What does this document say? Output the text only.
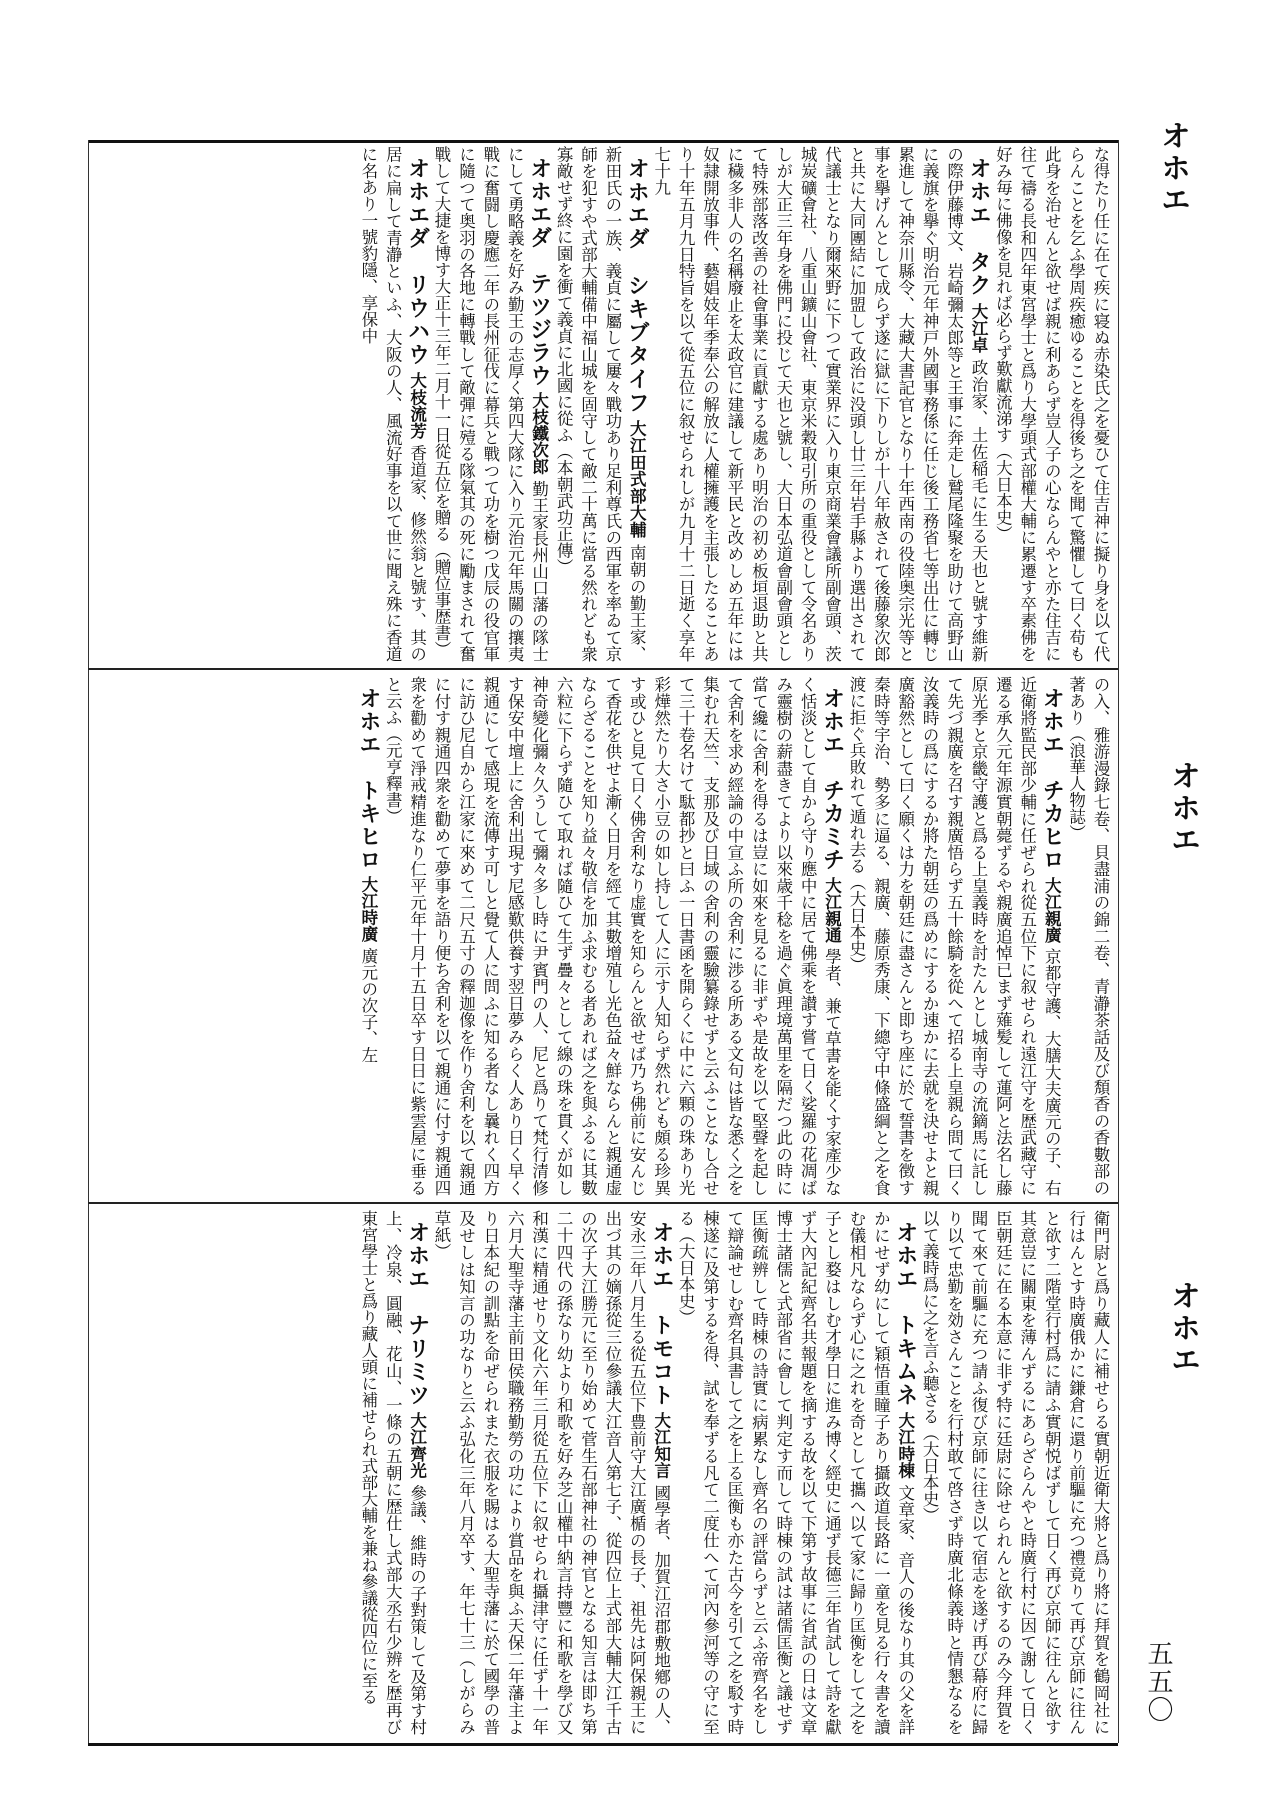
オホエ
オホエ
オホエ
な得たり任に在て疾に寝ぬ赤染氏之を憂ひて住吉神に擬り身を以て代らんことを乞ふ學周疾癒ゆることを得後ち之を聞て驚懼して曰く苟も此身を治せんと欲せば親に利あらず豈人子の心ならんやと亦た住吉に往て禱る長和四年東宮學士と爲り大學頭式部權大輔に累遷す卒素佛を好み毎に佛像を見れば必らず歎獻流涕す（大日本史）
オホエ　タク 大江卓 政治家、土佐稲毛に生る天也と號す維新の際伊藤博文、岩崎彌太郎等と王事に奔走し鷲尾隆聚を助けて高野山に義旗を擧ぐ明治元年神戸外國事務係に任じ後工務省七等出仕に轉じ累進して神奈川縣令、大藏大書記官となり十年西南の役陸奥宗光等と事を擧げんとして成らず遂に獄に下りしが十八年赦されて後藤象次郎と共に大同團結に加盟して政治に没頭し廿三年岩手縣より選出されて代議士となり爾來野に下つて實業界に入り東京商業會議所副會頭、茨城炭礦會社、八重山鑛山會社、東京米穀取引所の重役として令名ありしが大正三年身を佛門に投じて天也と號し、大日本弘道會副會頭として特殊部落改善の社會事業に貢獻する處あり明治の初め板垣退助と共に穢多非人の名稱廢止を太政官に建議して新平民と改めしめ五年には奴隷開放事件、藝娼妓年季奉公の解放に人權擁護を主張したることあり十年五月九日特旨を以て從五位に叙せられしが九月十二日逝く享年七十九
オホエダ　シキブタイフ 大江田式部大輔 南朝の勤王家、新田氏の一族、義貞に屬して屢々戰功あり足利尊氏の西軍を率ゐて京師を犯すや式部大輔備中福山城を固守して敵二十萬に當る然れども衆寡敵せず終に園を衝て義貞に北國に從ふ（本朝武功正傳）
オホエダ　テツジラウ 大枝鐵次郎 勤王家長州山口藩の隊士にして勇略義を好み勤王の志厚く第四大隊に入り元治元年馬關の攘夷戰に奮闘し慶應二年の長州征伐に幕兵と戰つて功を樹つ戊辰の役官軍に隨つて奥羽の各地に轉戰して敵彈に殪る隊氣其の死に勵まされて奮戰して大捷を博す大正十三年二月十一日從五位を贈る（贈位事歴書）
オホエダ　リウハウ 大枝流芳 香道家、修然翁と號す、其の居に扁して青瀞といふ、大阪の人、風流好事を以て世に聞え殊に香道に名あり一號豹隱、享保中
の入、雅游漫錄七卷、貝盡浦の錦二卷、青瀞茶話及び頽香の香數部の著あり（浪華人物誌）
オホエ　チカヒロ 大江親廣 京都守護、大膳大夫廣元の子、右近衛將監民部少輔に任ぜられ從五位下に叙せられ遠江守を歴武藏守に遷る承久元年源實朝薨ずるや親廣追悼已まず薙髪して蓮阿と法名し藤原光季と京畿守護と爲る上皇義時を討たんとし城南寺の流鏑馬に託して先づ親廣を召す親廣悟らず五十餘騎を從へて招る上皇親ら問て曰く汝義時の爲にするか將た朝廷の爲めにするか速かに去就を決せよと親廣豁然として曰く願くは力を朝廷に盡さんと即ち座に於て誓書を徴す秦時等宇治、勢多に逼る、親廣、藤原秀康、下總守中條盛綱と之を食渡に拒ぐ兵敗れて遁れ去る（大日本史）
オホエ　チカミチ 大江親通 學者、兼て草書を能くす家產少なく恬淡として自から守り應中に居て佛乘を讃す嘗て日く娑羅の花凋ばみ靈樹の薪盡きてより以來歳千稔を過ぐ眞理境萬里を隔だつ此の時に當て纔に舍利を得るは豈に如來を見るに非ずや是故を以て堅聲を起して舍利を求め經論の中宣ふ所の舍利に渉る所ある文句は皆な悉く之を集むれ天竺、支那及び日域の舍利の靈驗纂錄せずと云ふことなし合せて三十卷名けて駄都抄と曰ふ一日書函を開らくに中に六顆の珠あり光彩燁然たり大さ小豆の如し持して人に示す人知らず然れども頗る珍異す或ひと見て日く佛舍利なり虚實を知らんと欲せば乃ち佛前に安んじて香花を供せよ漸く日月を經て其數增殖し光色益々鮮ならんと親通虚ならざることを知り益々敬信を加ふ求むる者あれば之を與ふるに其數六粒に下らず隨ひて取れば隨ひて生ず疊々として線の珠を貫くが如し神奇變化彌々久うして彌々多し時に尹賓門の人、尼と爲りて梵行清修す保安中壇上に舍利出現す尼感歎供養す翌日夢みらく人あり日く早く親通にして感現を流傳す可しと覺て人に問ふに知る者なし曩れく四方に訪ひ尼自から江家に來めて二尺五寸の釋迦像を作り舍利を以て親通に付す親通四衆を勸めて夢事を語り便ち舍利を以て親通に付す親通四衆を勸めて淨戒精進なり仁平元年十月十五日卒す日日に紫雲屋に垂ると云ふ（元亨釋書）
オホエ　トキヒロ 大江時廣 廣元の次子、左
衛門尉と爲り藏人に補せらる實朝近衛大將と爲り將に拜賀を鶴岡社に行はんとす時廣俄かに鎌倉に還り前驅に充つ禮竟りて再び京師に往んと欲す二階堂行村爲に請ふ實朝悦ばずして日く再び京師に往んと欲す其意豈に關東を薄んずるにあらざらんやと時廣行村に因て謝して日く臣朝廷に在る本意に非ず特に廷尉に除せられんと欲するのみ今拜賀を聞て來て前驅に充つ請ふ復び京師に往き以て宿志を遂げ再び幕府に歸り以て忠勤を効さんことを行村敢て啓さず時廣北條義時と情懇なるを以て義時爲に之を言ふ聽さる（大日本史）
オホエ　トキムネ 大江時棟 文章家、音人の後なり其の父を詳かにせず幼にして穎悟重瞳子あり攝政道長路に一童を見る行々書を讀む儀相凡ならず心に之れを奇として攜へ以て家に歸り匡衡をして之を子とし婺はしむ才學日に進み博く經史に通ず長德三年省試して詩を獻ず大內記紀齊名共報題を摘する故を以て下第す故事に省試の日は文章博士諸儒と式部省に會して判定す而して時棟の試は諸儒匡衡と議せず匡衡疏辨して時棟の詩實に病累なし齊名の評當らずと云ふ帝齊名をして辯論せしむ齊名具書して之を上る匡衡も亦た古今を引て之を駁す時棟遂に及第するを得、試を奉ずる凡て二度仕へて河內參河等の守に至る（大日本史）
オホエ　トモコト 大江知言 國學者、加賀江沼郡敷地鄕の人、安永三年八月生る從五位下豊前守大江廣楯の長子、祖先は阿保親王に出づ其の嫡孫從三位參議大江音人第七子、從四位上式部大輔大江千古の次子大江勝元に至り始めて菅生石部神社の神官となる知言は即ち第二十四代の孫なり幼より和歌を好み芝山權中納言持豐に和歌を學び又和漢に精通せり文化六年三月從五位下に叙せられ攝津守に任ず十一年六月大聖寺藩主前田侯職務勤勞の功により賞品を與ふ天保二年藩主より日本紀の訓點を命ぜられまた衣服を賜はる大聖寺藩に於て國學の普及せしは知言の功なりと云ふ弘化三年八月卒す、年七十三（しがらみ草紙）
オホエ　ナリミツ 大江齊光 參議、維時の子對策して及第す村上、冷泉、圓融、花山、一條の五朝に歴仕し式部大丞右少辨を歴再び東宮學士と爲り藏人頭に補せられ式部大輔を兼ね參議從四位に至る	五五〇
